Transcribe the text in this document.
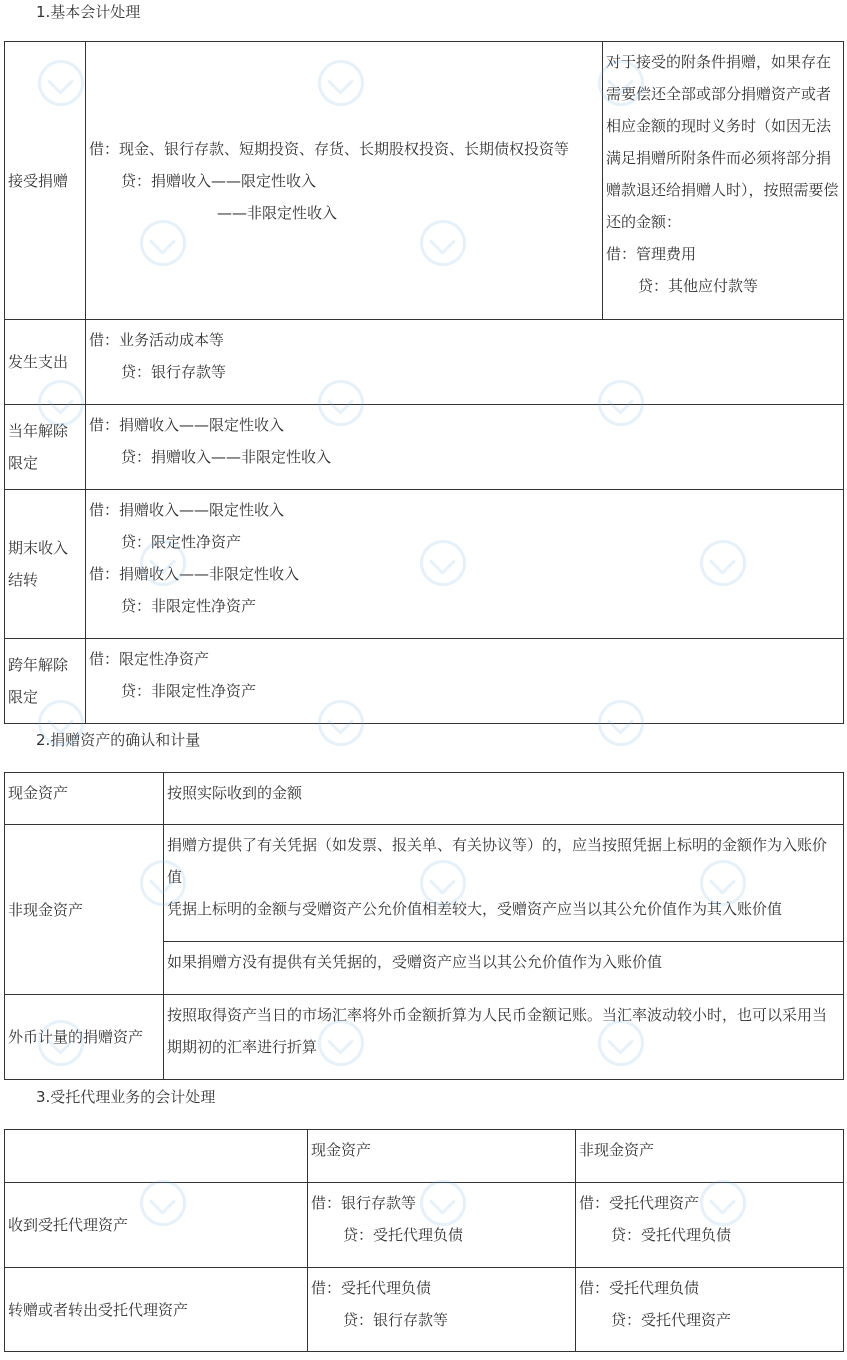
1.基本会计处理
接受捐赠	借：现金、银行存款、短期投资、存货、长期股权投资、长期债权投资等
贷：捐赠收入——限定性收入
——非限定性收入	对于接受的附条件捐赠，如果存在需要偿还全部或部分捐赠资产或者相应金额的现时义务时（如因无法满足捐赠所附条件而必须将部分捐赠款退还给捐赠人时），按照需要偿还的金额：
借：管理费用
贷：其他应付款等

发生支出	借：业务活动成本等
贷：银行存款等	

当年解除限定	借：捐赠收入——限定性收入
贷：捐赠收入——非限定性收入	

期末收入结转	借：捐赠收入——限定性收入
贷：限定性净资产
借：捐赠收入——非限定性收入
贷：非限定性净资产	

跨年解除限定	借：限定性净资产
贷：非限定性净资产	
2.捐赠资产的确认和计量
现金资产	按照实际收到的金额

非现金资产	捐赠方提供了有关凭据（如发票、报关单、有关协议等）的，应当按照凭据上标明的金额作为入账价值
凭据上标明的金额与受赠资产公允价值相差较大，受赠资产应当以其公允价值作为其入账价值

	如果捐赠方没有提供有关凭据的，受赠资产应当以其公允价值作为入账价值

外币计量的捐赠资产	按照取得资产当日的市场汇率将外币金额折算为人民币金额记账。当汇率波动较小时，也可以采用当期期初的汇率进行折算
3.受托代理业务的会计处理

	现金资产	非现金资产

收到受托代理资产	借：银行存款等
贷：受托代理负债	借：受托代理资产
贷：受托代理负债

转赠或者转出受托代理资产	借：受托代理负债
贷：银行存款等	借：受托代理负债
贷：受托代理资产
